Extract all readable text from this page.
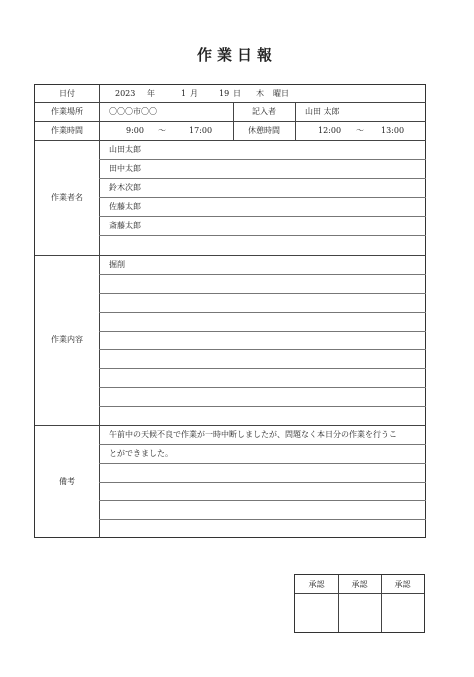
作業日報
日付	2023 年	1 月	19 日 木 曜日
作業場所	〇〇〇市〇〇	記入者	山田 太郎
作業時間	9:00 〜	17:00	休憩時間	12:00 〜 13:00
作業者名
山田太郎
田中太郎
鈴木次郎
佐藤太郎
斎藤太郎
作業内容
掘削
備考
午前中の天候不良で作業が一時中断しましたが、問題なく本日分の作業を行うこ
とができました。
承認	承認	承認
